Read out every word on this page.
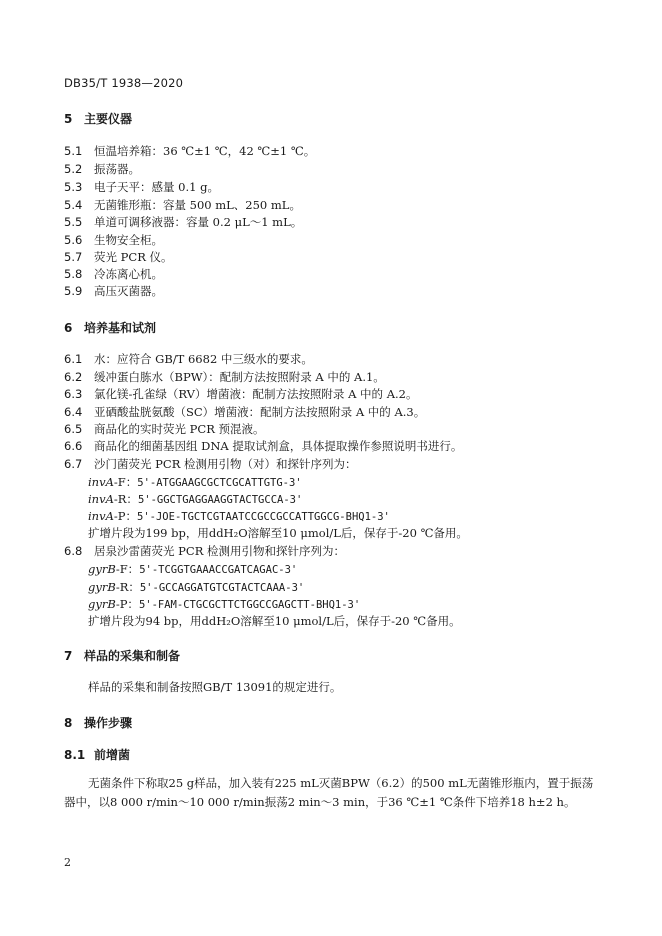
DB35/T 1938—2020
5 主要仪器
5.1 恒温培养箱：36 ℃±1 ℃，42 ℃±1 ℃。
5.2 振荡器。
5.3 电子天平：感量 0.1 g。
5.4 无菌锥形瓶：容量 500 mL、250 mL。
5.5 单道可调移液器：容量 0.2 μL～1 mL。
5.6 生物安全柜。
5.7 荧光 PCR 仪。
5.8 冷冻离心机。
5.9 高压灭菌器。
6 培养基和试剂
6.1 水：应符合 GB/T 6682 中三级水的要求。
6.2 缓冲蛋白胨水（BPW）：配制方法按照附录 A 中的 A.1。
6.3 氯化镁-孔雀绿（RV）增菌液：配制方法按照附录 A 中的 A.2。
6.4 亚硒酸盐胱氨酸（SC）增菌液：配制方法按照附录 A 中的 A.3。
6.5 商品化的实时荧光 PCR 预混液。
6.6 商品化的细菌基因组 DNA 提取试剂盒，具体提取操作参照说明书进行。
6.7 沙门菌荧光 PCR 检测用引物（对）和探针序列为：
invA-F：5'-ATGGAAGCGCTCGCATTGTG-3'
invA-R：5'-GGCTGAGGAAGGTACTGCCA-3'
invA-P：5'-JOE-TGCTCGTAATCCGCCGCCATTGGCG-BHQ1-3'
扩增片段为199 bp，用ddH₂O溶解至10 μmol/L后，保存于-20 ℃备用。
6.8 居泉沙雷菌荧光 PCR 检测用引物和探针序列为：
gyrB-F：5'-TCGGTGAAACCGATCAGAC-3'
gyrB-R：5'-GCCAGGATGTCGTACTCAAA-3'
gyrB-P：5'-FAM-CTGCGCTTCTGGCCGAGCTT-BHQ1-3'
扩增片段为94 bp，用ddH₂O溶解至10 μmol/L后，保存于-20 ℃备用。
7 样品的采集和制备
样品的采集和制备按照GB/T 13091的规定进行。
8 操作步骤
8.1 前增菌
无菌条件下称取25 g样品，加入装有225 mL灭菌BPW（6.2）的500 mL无菌锥形瓶内，置于振荡器中，以8 000 r/min～10 000 r/min振荡2 min～3 min，于36 ℃±1 ℃条件下培养18 h±2 h。
2
